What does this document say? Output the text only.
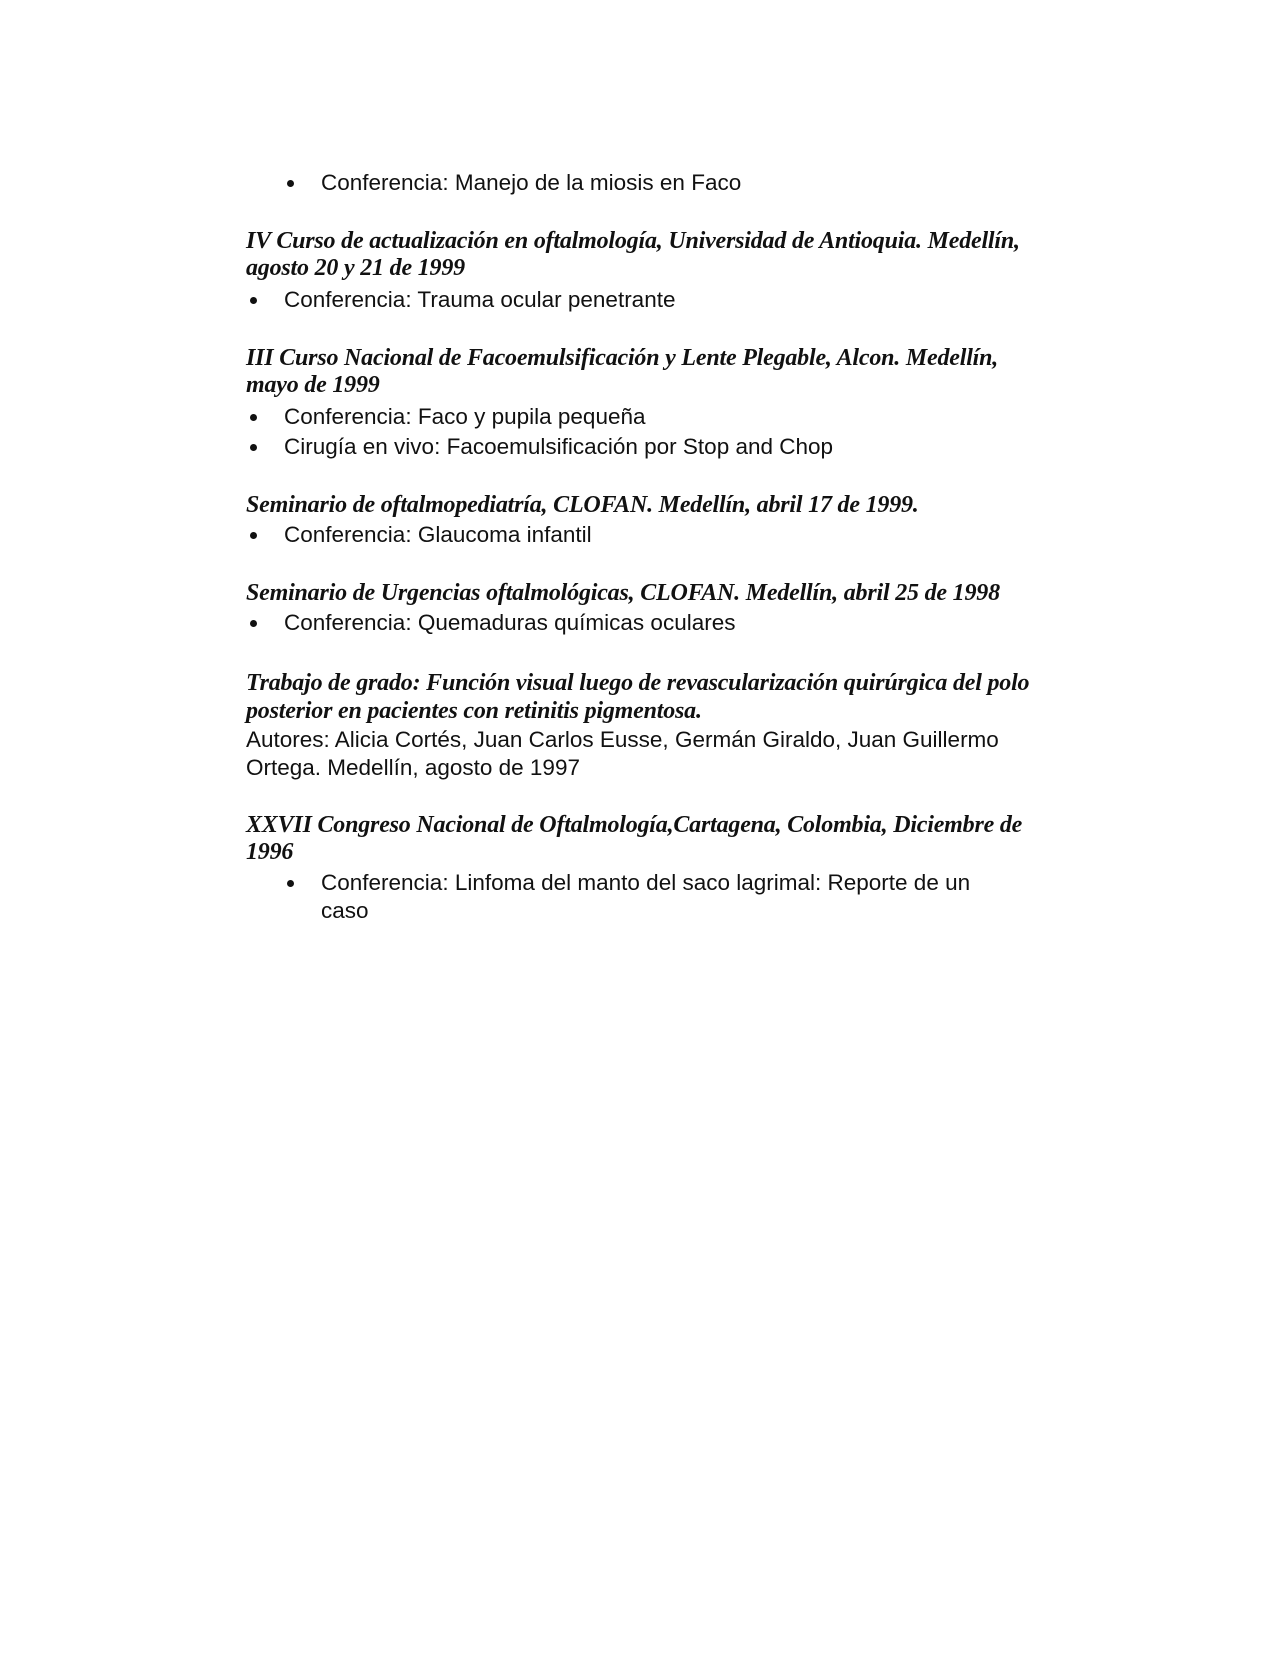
Conferencia: Manejo de la miosis en Faco
IV Curso de actualización en oftalmología, Universidad de Antioquia. Medellín,
agosto 20 y 21 de 1999
Conferencia: Trauma ocular penetrante
III Curso Nacional de Facoemulsificación y Lente Plegable, Alcon. Medellín,
mayo de 1999
Conferencia: Faco y pupila pequeña
Cirugía en vivo: Facoemulsificación por Stop and Chop
Seminario de oftalmopediatría, CLOFAN. Medellín, abril 17 de 1999.
Conferencia: Glaucoma infantil
Seminario de Urgencias oftalmológicas, CLOFAN. Medellín, abril 25 de 1998
Conferencia: Quemaduras químicas oculares
Trabajo de grado: Función visual luego de revascularización quirúrgica del polo
posterior en pacientes con retinitis pigmentosa.
Autores: Alicia Cortés, Juan Carlos Eusse, Germán Giraldo, Juan Guillermo
Ortega. Medellín, agosto de 1997
XXVII Congreso Nacional de Oftalmología,Cartagena, Colombia, Diciembre de
1996
Conferencia: Linfoma del manto del saco lagrimal: Reporte de un
caso
